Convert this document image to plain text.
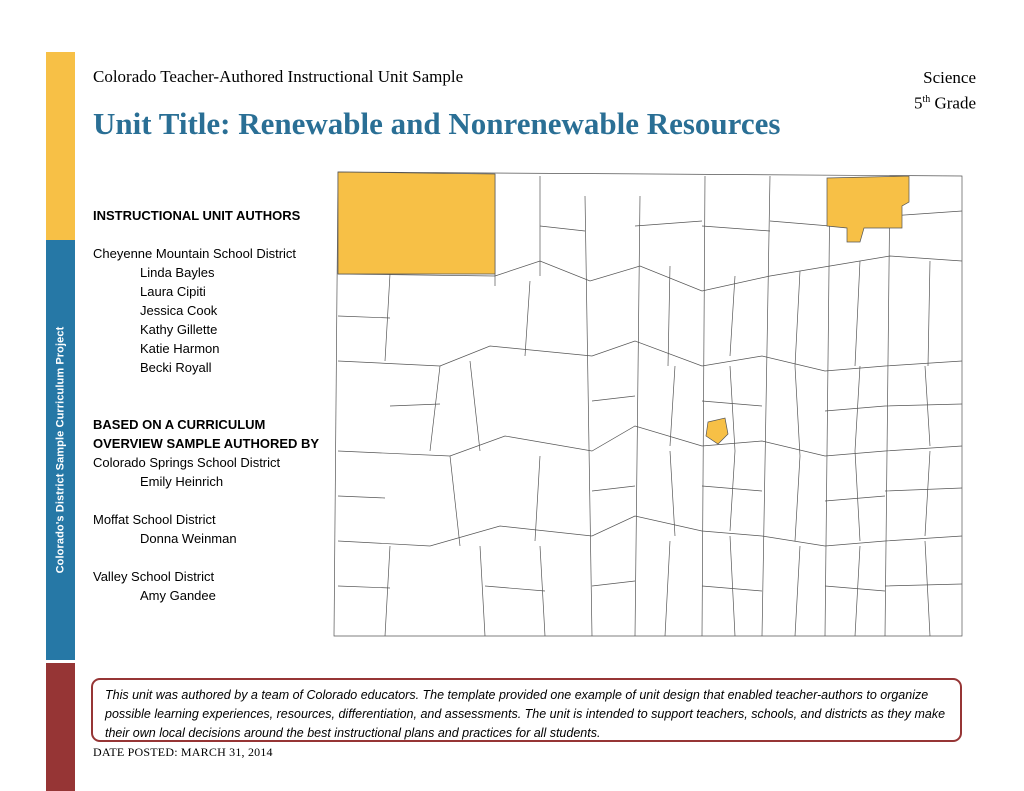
Colorado's District Sample Curriculum Project
Colorado Teacher-Authored Instructional Unit Sample	Science
5th Grade
Unit Title: Renewable and Nonrenewable Resources
INSTRUCTIONAL UNIT AUTHORS
Cheyenne Mountain School District
Linda Bayles
Laura Cipiti
Jessica Cook
Kathy Gillette
Katie Harmon
Becki Royall
BASED ON A CURRICULUM
OVERVIEW SAMPLE AUTHORED BY
Colorado Springs School District
Emily Heinrich
Moffat School District
Donna Weinman
Valley School District
Amy Gandee
This unit was authored by a team of Colorado educators. The template provided one example of unit design that enabled teacher-authors to organize possible learning experiences, resources, differentiation, and assessments. The unit is intended to support teachers, schools, and districts as they make their own local decisions around the best instructional plans and practices for all students.
DATE POSTED: MARCH 31, 2014
